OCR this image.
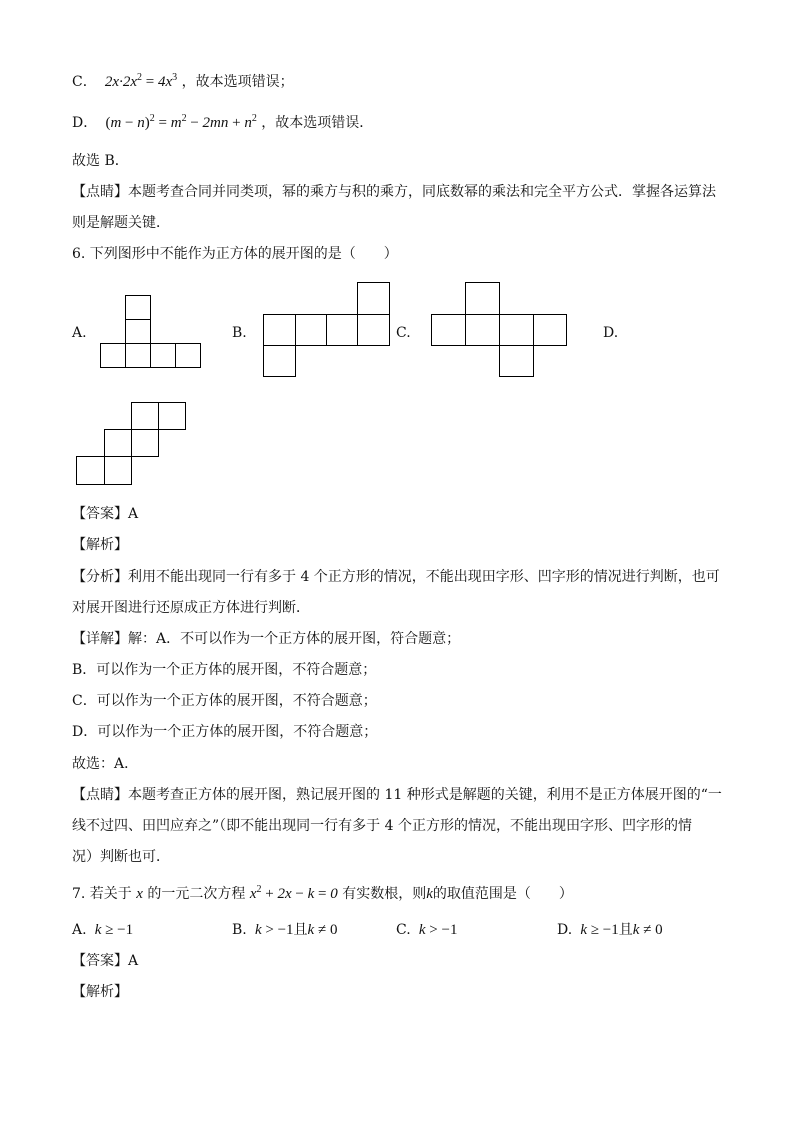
C．  $2x\cdot 2x^2 = 4x^3$ ，故本选项错误；
D． $(m - n)^2 = m^2 - 2mn + n^2$ ，故本选项错误．
故选 B．
【点睛】本题考查合同并同类项，幂的乘方与积的乘方，同底数幂的乘法和完全平方公式．掌握各运算法
则是解题关键．
6. 下列图形中不能作为正方体的展开图的是（　　）
A.	B.	C.	D.
【答案】A
【解析】
【分析】利用不能出现同一行有多于 4 个正方形的情况，不能出现田字形、凹字形的情况进行判断，也可
对展开图进行还原成正方体进行判断．
【详解】解：A．不可以作为一个正方体的展开图，符合题意；
B．可以作为一个正方体的展开图，不符合题意；
C．可以作为一个正方体的展开图，不符合题意；
D．可以作为一个正方体的展开图，不符合题意；
故选：A．
【点睛】本题考查正方体的展开图，熟记展开图的 11 种形式是解题的关键，利用不是正方体展开图的“一
线不过四、田凹应弃之”（即不能出现同一行有多于 4 个正方形的情况，不能出现田字形、凹字形的情
况）判断也可．
7. 若关于 x 的一元二次方程 $x^2 + 2x - k = 0$ 有实数根，则k的取值范围是（　　）
A. k ≥ −1	B. k > −1且k ≠ 0	C. k > −1	D. k ≥ −1且k ≠ 0
【答案】A
【解析】
